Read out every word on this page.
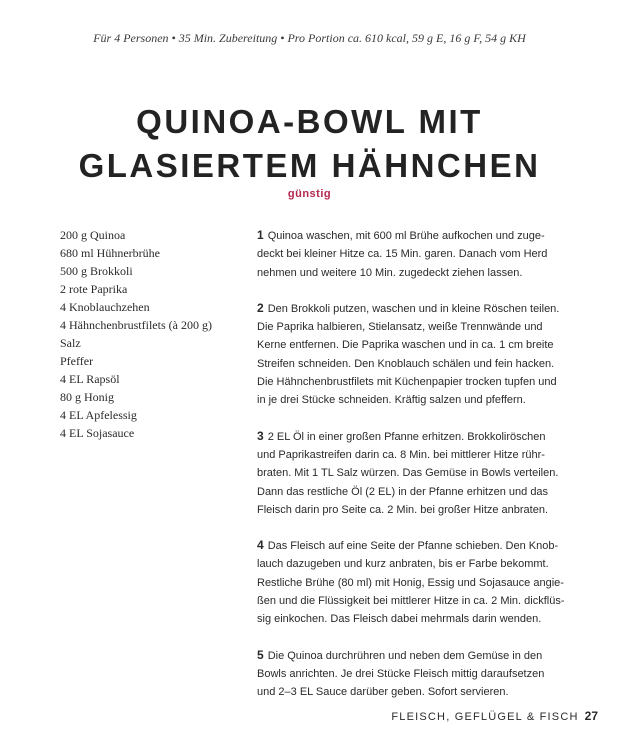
Für 4 Personen • 35 Min. Zubereitung • Pro Portion ca. 610 kcal, 59 g E, 16 g F, 54 g KH
QUINOA-BOWL MIT
GLASIERTEM HÄHNCHEN
günstig
200 g Quinoa
680 ml Hühnerbrühe
500 g Brokkoli
2 rote Paprika
4 Knoblauchzehen
4 Hähnchenbrustfilets (à 200 g)
Salz
Pfeffer
4 EL Rapsöl
80 g Honig
4 EL Apfelessig
4 EL Sojasauce
1 Quinoa waschen, mit 600 ml Brühe aufkochen und zuge-
deckt bei kleiner Hitze ca. 15 Min. garen. Danach vom Herd
nehmen und weitere 10 Min. zugedeckt ziehen lassen.
2 Den Brokkoli putzen, waschen und in kleine Röschen teilen.
Die Paprika halbieren, Stielansatz, weiße Trennwände und
Kerne entfernen. Die Paprika waschen und in ca. 1 cm breite
Streifen schneiden. Den Knoblauch schälen und fein hacken.
Die Hähnchenbrustfilets mit Küchenpapier trocken tupfen und
in je drei Stücke schneiden. Kräftig salzen und pfeffern.
3 2 EL Öl in einer großen Pfanne erhitzen. Brokkoliröschen
und Paprikastreifen darin ca. 8 Min. bei mittlerer Hitze rühr-
braten. Mit 1 TL Salz würzen. Das Gemüse in Bowls verteilen.
Dann das restliche Öl (2 EL) in der Pfanne erhitzen und das
Fleisch darin pro Seite ca. 2 Min. bei großer Hitze anbraten.
4 Das Fleisch auf eine Seite der Pfanne schieben. Den Knob-
lauch dazugeben und kurz anbraten, bis er Farbe bekommt.
Restliche Brühe (80 ml) mit Honig, Essig und Sojasauce angie-
ßen und die Flüssigkeit bei mittlerer Hitze in ca. 2 Min. dickflüs-
sig einkochen. Das Fleisch dabei mehrmals darin wenden.
5 Die Quinoa durchrühren und neben dem Gemüse in den
Bowls anrichten. Je drei Stücke Fleisch mittig daraufsetzen
und 2–3 EL Sauce darüber geben. Sofort servieren.
FLEISCH, GEFLÜGEL & FISCH 27
